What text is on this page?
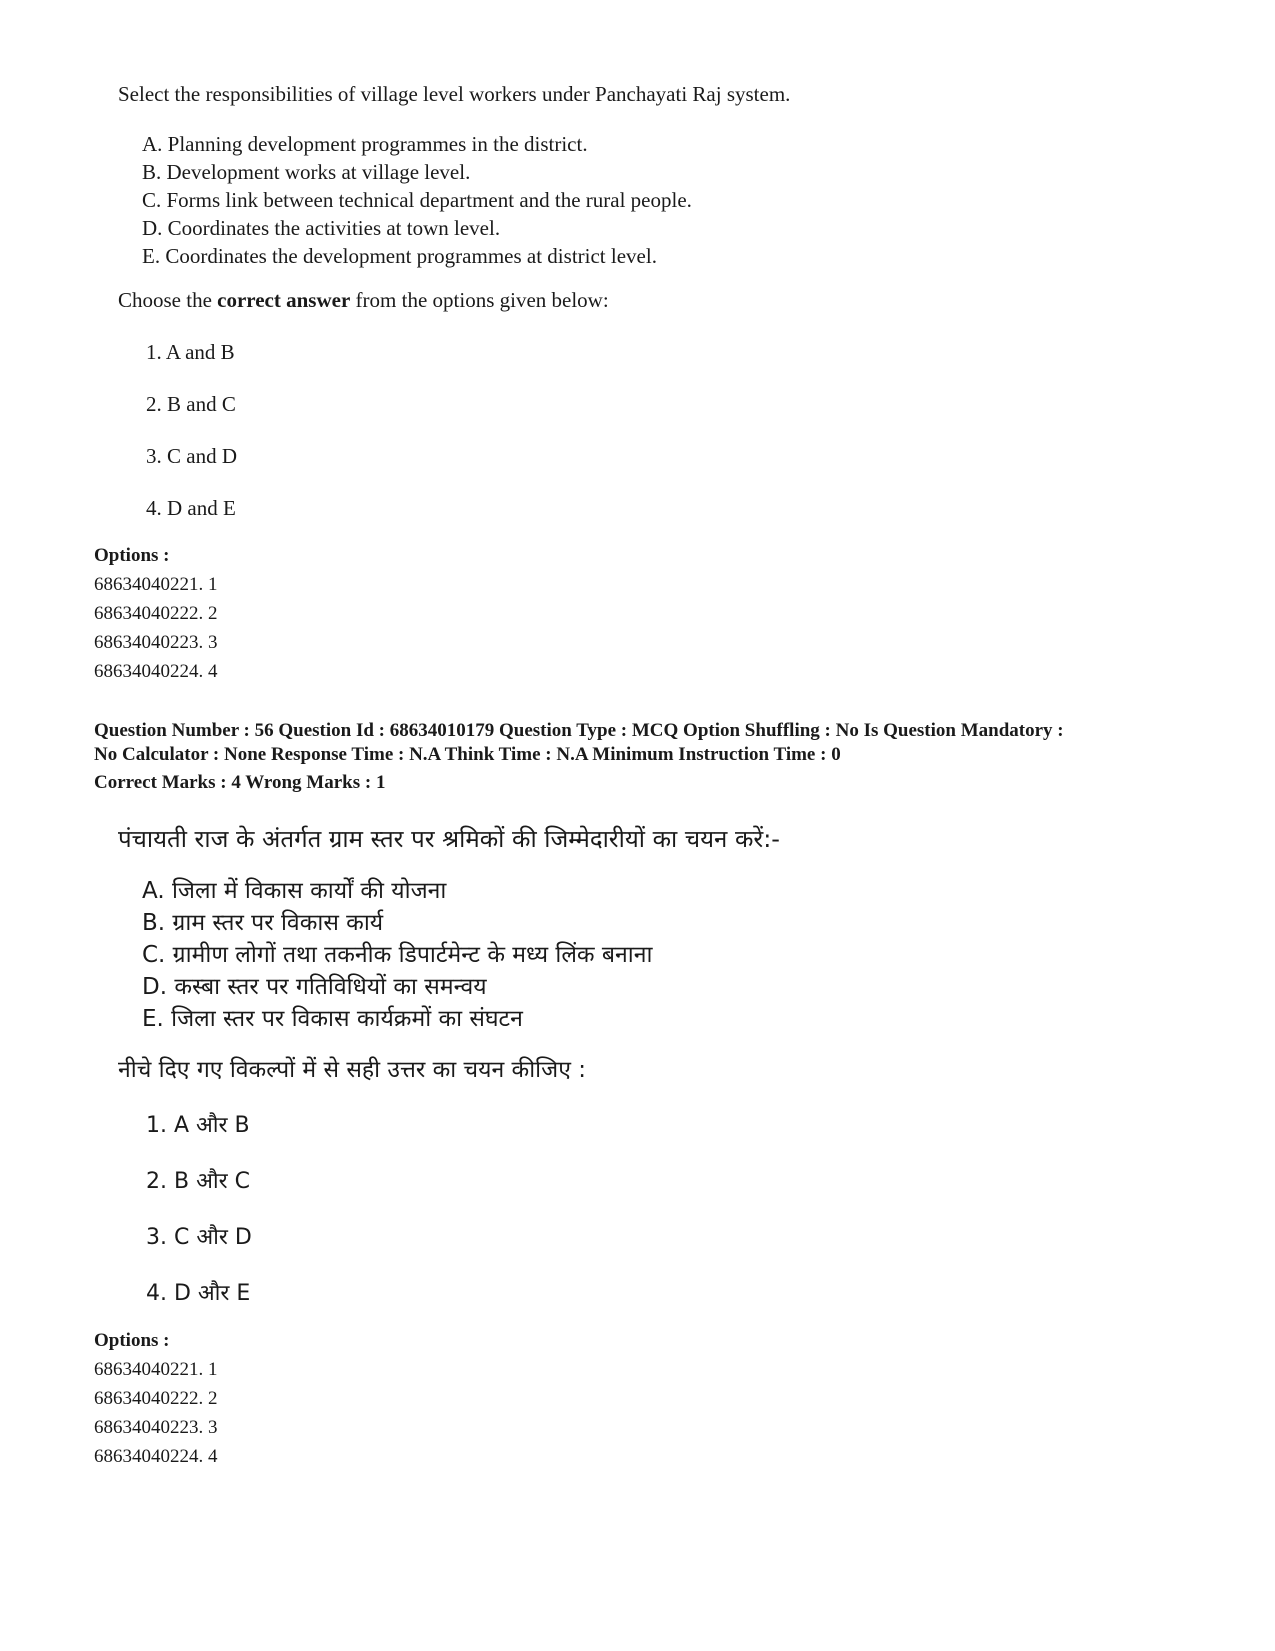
Select the responsibilities of village level workers under Panchayati Raj system.
A. Planning development programmes in the district.
B. Development works at village level.
C. Forms link between technical department and the rural people.
D. Coordinates the activities at town level.
E. Coordinates the development programmes at district level.
Choose the correct answer from the options given below:
1. A and B
2. B and C
3. C and D
4. D and E
Options :
68634040221. 1
68634040222. 2
68634040223. 3
68634040224. 4
Question Number : 56 Question Id : 68634010179 Question Type : MCQ Option Shuffling : No Is Question Mandatory :
No Calculator : None Response Time : N.A Think Time : N.A Minimum Instruction Time : 0
Correct Marks : 4 Wrong Marks : 1
पंचायती राज के अंतर्गत ग्राम स्तर पर श्रमिकों की जिम्मेदारीयों का चयन करें:-
A. जिला में विकास कार्यों की योजना
B. ग्राम स्तर पर विकास कार्य
C. ग्रामीण लोगों तथा तकनीक डिपार्टमेन्ट के मध्य लिंक बनाना
D. कस्बा स्तर पर गतिविधियों का समन्वय
E. जिला स्तर पर विकास कार्यक्रमों का संघटन
नीचे दिए गए विकल्पों में से सही उत्तर का चयन कीजिए :
1. A और B
2. B और C
3. C और D
4. D और E
Options :
68634040221. 1
68634040222. 2
68634040223. 3
68634040224. 4
